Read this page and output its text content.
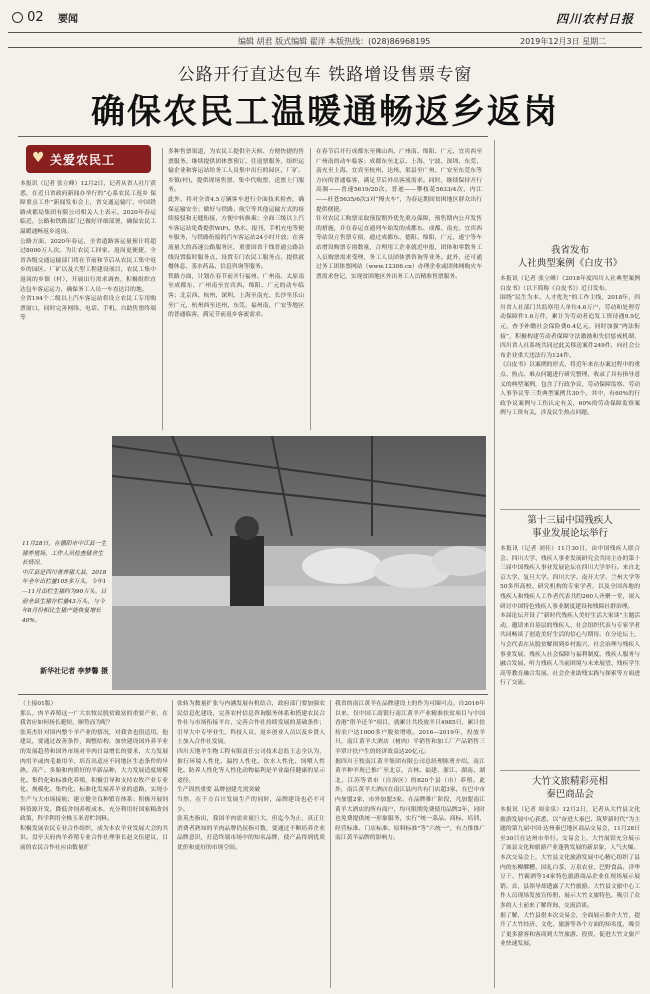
02 要闻
编辑 胡君 版式编辑 翟洋 本版热线：(028)86968195
四川农村日报
2019年12月3日 星期二
公路开行直达包车 铁路增设售票专窗
确保农民工温暖通畅返乡返岗
♥ 关爱农民工
本报讯（记者 张立峰）12月2日，记者从省人社厅获悉，在近日省政府新闻办举行的“心系农民工返乡 保障重点工作”新闻发布会上，省交通运输厅、中国铁路成都局集团有限公司相关人士表示，2020年春运临近，公路和铁路部门已做好详细部署，确保农民工温暖通畅返乡返岗。
公路方面，2020年春运，全省道路客运量预计将超过8000万人次。为让农民工回家、返岗更便捷，全省各级交通运输部门将在节前和节后从农民工集中返乡的园区、厂矿以及大型工程建设项目，农民工集中返岗的乡镇（村），开展出行需求调查，积极组织直达包车客运运力，确保务工人员一车直达目的地。
全省194个二级以上汽车客运站将设立农民工专用购票窗口，同时完善网络、电话、手机、自助售票终端等
多种售票渠道，为农民工提供全天候、方便快捷的售票服务。继续提供团体票预订、往返票服务，组织运输企业和客运站给务工人员集中出行的园区、厂矿、乡镇(村)，提供现场售票、集中代购票，送票上门服务。
此外，将对全省4.5万辆客车进行全面技术检查，确保运输安全；做好与铁路、航空等其他运输方式的接续接驳和无缝衔接，方便中转换乘；全面三级以上汽车客运站免费提供WiFi、热水、报刊、手机充电等便车服务，与铁路衔接的汽车客运站24小时开放；在客流量大的高速公路服务区，重要国省干线普通公路沿线设置临时服务点，设置专门农民工服务点，提供就餐休息、茶水药品、信息咨询等服务。
铁路方面，计划在春节前开行福州、广州南、太原南至成都东、广州南至宜宾西、绵阳、广元的动车临客；北京西、杭州、深圳、上海至南充、长沙至乐山至广元，杭州西至达州、东莞、福州南、广安等地区的普通临客，满足节前返乡客流需求。
在春节后开行成都东至佛山西、广州南、绵阳、广元、宜宾西至广州南的动车临客；成都东至北京、上海、宁波、深圳、东莞、南充至上海、宜宾至杭州、达州、渠县至广州、广安至东莞东等方向的普通临客，满足节后外出客流需求。同时，继续保持开行高频——普速5619/20次、普迪——攀枝花5633/4次、内江——旺苍5635/6次3对“慢火车”，为春运期间贫困地区群众出行提供便捷。
针对农民工购票采取预留期外优先重点保障，预售期内公开发售的措施，并在春运直通列车始发的成都东、成都、南充、宜宾西等站设立售票专窗，通过成都东、德阳、绵阳、广元、遂宁等车站增设购票专窗数量，合理用工企业就近申报，团体和零散务工人员购票需求受理，务工人员团体票咨询等业务。此外，还可通过务工团体票网站（www.12306.cn）办理企业或团体网购火车票需求登记，实现贫困地区外出务工人员精准售票服务。
11月28日，在德阳市中江县一生猪养殖场，工作人员检查猪舍生长情况。
中江县是四川省养猪大县，2018年全年出栏量105多万头，今年1—11月出栏生猪约为90万头。目前全县生猪存栏量43万头，与今年8月份相比生猪产能恢复增长40%。
新华社记者 李梦馨 摄
（上接01版）
那么，肉羊养殖这一广大农牧民脱贫致富的重要产业，在我省应如何扬长避短，顺势而为呢？
张英杰针对国内整个羊产业的情况，对我省也很适用。他建议，要通过改善条件，调整结构，加快建设国外养羊业的发展趋势和国外市场对羊肉日益增长的要求，大力发展肉用羊或肉毛兼用羊，培育出适应不同地区生态条件的早熟、高产、多胎和肉质好的羊新品种，大力发展适度规模化、集约化和标准化养殖，积极引导和支持农牧产业专业化、规模化、集约化、标准化发展养羊业的道路，实现小生产与大市场接轨；建立健全良种繁育体系；积极开展饲料资源开发，降低舍饲养殖成本，充分利用好国家粮改饲政策，科学利用全株玉米青贮饲料。
积极发展农民专业合作组织，成为本农羊业发展大会的共识。盘亭天府肉羊养殖专业合作社理事长赵文伍建议，目前的农民合作社应由数量扩
张转为数量扩张与内涵发展有机结合，政府部门要加强农民信息化建设，完善农村信息咨询服务体系和搭建农民合作社与市场衔接平台，完善合作社持续发展的基础条件；引导大中专毕业生、科技人员、返乡创业人员以及乡贤人士加入合作社发展。
四川天地羊生物工程有限责任公司技术总监王志全认为，推行环境人性化、温控人性化、饮水人性化、饲喂人性化、防养人性化等人性化动物福利是羊业最佳健康的显示途径。
生产固然重要 品牌创建尤需突破
当然，在千方百计发展生产的同时，品牌建设也必不可少。
张英杰指出，我国羊肉需求量巨大，但迄今为止，真正让消费者熟知的羊肉品牌仍屈指可数，要通过不断培养企业品牌意识，打造终端市场中的知名品牌，使产品得到优质优价和更好的市场空间。
我省的南江黄羊在品牌建设上的作为可圈可点。自2016年以来，仅中国工商银行南江黄羊产业精准扶贫项目与中国香港“借羊还羊”项目，就累计共投放羊只4985只，累计扶持农户达1000多户脱贫增收。2016—2019年，投放羊只，南江黄羊大酒店（树肉）半销售和加工厂产品销售三羊罩计扶户生的经济效益达20亿元。
据四川王牧南江黄羊集团有限公司总经理陈勇介绍，南江黄羊种羊现已推广至北京、吉林、福建、浙江、湖南、湖北、江苏等省市（自治区）的820个县（市）养殖。此外，南江黄羊大酒店在南江县内共有门店超3家，在巴中市内加盟2家，市外加盟3家。在品牌推广阶段，凡加盟南江黄羊大酒店的所有商户，均可限期免费使用品牌2年，同时也免费提供统一形象服务，实行“统一菜品、商标、培训、经营标准、门店标准、原料标准”等“六统一”，有力推推广南江黄羊品牌的影响力。
我省发布
人社典型案例《白皮书》
本报讯（记者 张立峰）《2018年度四川人社典型案例白皮书》（以下简称《白皮书》）近日发布。
围绕“民生为本、人才优先”的工作主线，2018年，四川省人社部门共监察用人单位4.6万户，劳动和处理劳动保障件1.6万件，累计为劳动者追发工资待遇9.9亿元，查予补缴社会保险费0.4亿元。同时加强“两法衔接”，积极构建劳动者保障守法激励和失信惩戒机制，四川省人社系统共同过此关移送案件249件，向社会公布企业重大违法行为124件。
《白皮书》以案例的形式，将近年来在办案过程中的重点、热点、难点问题进行研究整理，收录了具有指导意义的典型案例，包含了行政争议、劳动保障监察、劳动人事争议等三类典型案例共30个。其中，有60%的行政争议案例与工伤认定有关，60%的劳动保障监察案例与工资有关，涉及民生热点问题。
第十三届中国残疾人
事业发展论坛举行
本报讯（记者 刘佳）11月30日，由中国残疾人联合会、四川大学、残疾人事业发展研究会共同主办的第十三届中国残疾人事业发展论坛在四川大学举行。来自北京大学、复旦大学、四川大学、南开大学、兰州大学等50多所高校、研究机构的专家学者，以及全国各地的残疾人和残疾人工作者代表共约260人齐聚一堂，深入研讨中国特色残疾人事业制度建设和残障社群治理。
本届论坛开设了“新时代残疾人美好生活大家谈”主题活动，邀请来自基层的残疾人、社会组织代表与专家学者共同畅谈了创造美好生活的信心与期待。在分论坛上，与会代表在从脱贫解困到乡村振兴、社会治理与残疾人事业发展、残疾人社会保障与福利制度、残疾人服务与融合发展、听力残疾人当前困境与未来展望、残疾学生高等教育融合发展、社会企业助残实践与探索等方面进行了交流。
大竹文旅精彩亮相
秦巴商品会
本报讯（记者 周金泉）12月2日，记者从大竹县文化旅游发展中心获悉，以“奋进大秦巴、筑梦新时代”为主题的第九届中国·达州秦巴地区商品交易会，11月28日至30日在达州市举行。交易会上，大竹展馆充分展示了该县文化和旅游产业蓬勃发展的新景象，人气火爆。
本次交易会上，大竹县文化旅游发展中心精心组织了县内的东柳醪糟、国礼白茶、万泉农业、巴野食品、洋华豆干、竹霸酒等14家特色旅游商品企业在现场展示展销。首，县领导却透露了大竹旅游。大竹县文旅中心工作人员现场发放宣传册，展示大竹文旅特色，吸引了众多的人士前来了解咨询、交流洽谈。
据了解，大竹县借本次交易会，全面展示推介大竹，提升了大竹经济、文化、旅游等各个方面的知名度，吸引了更多游客和客商到大竹旅游、投资，促进大竹文旅产业快速发展。
